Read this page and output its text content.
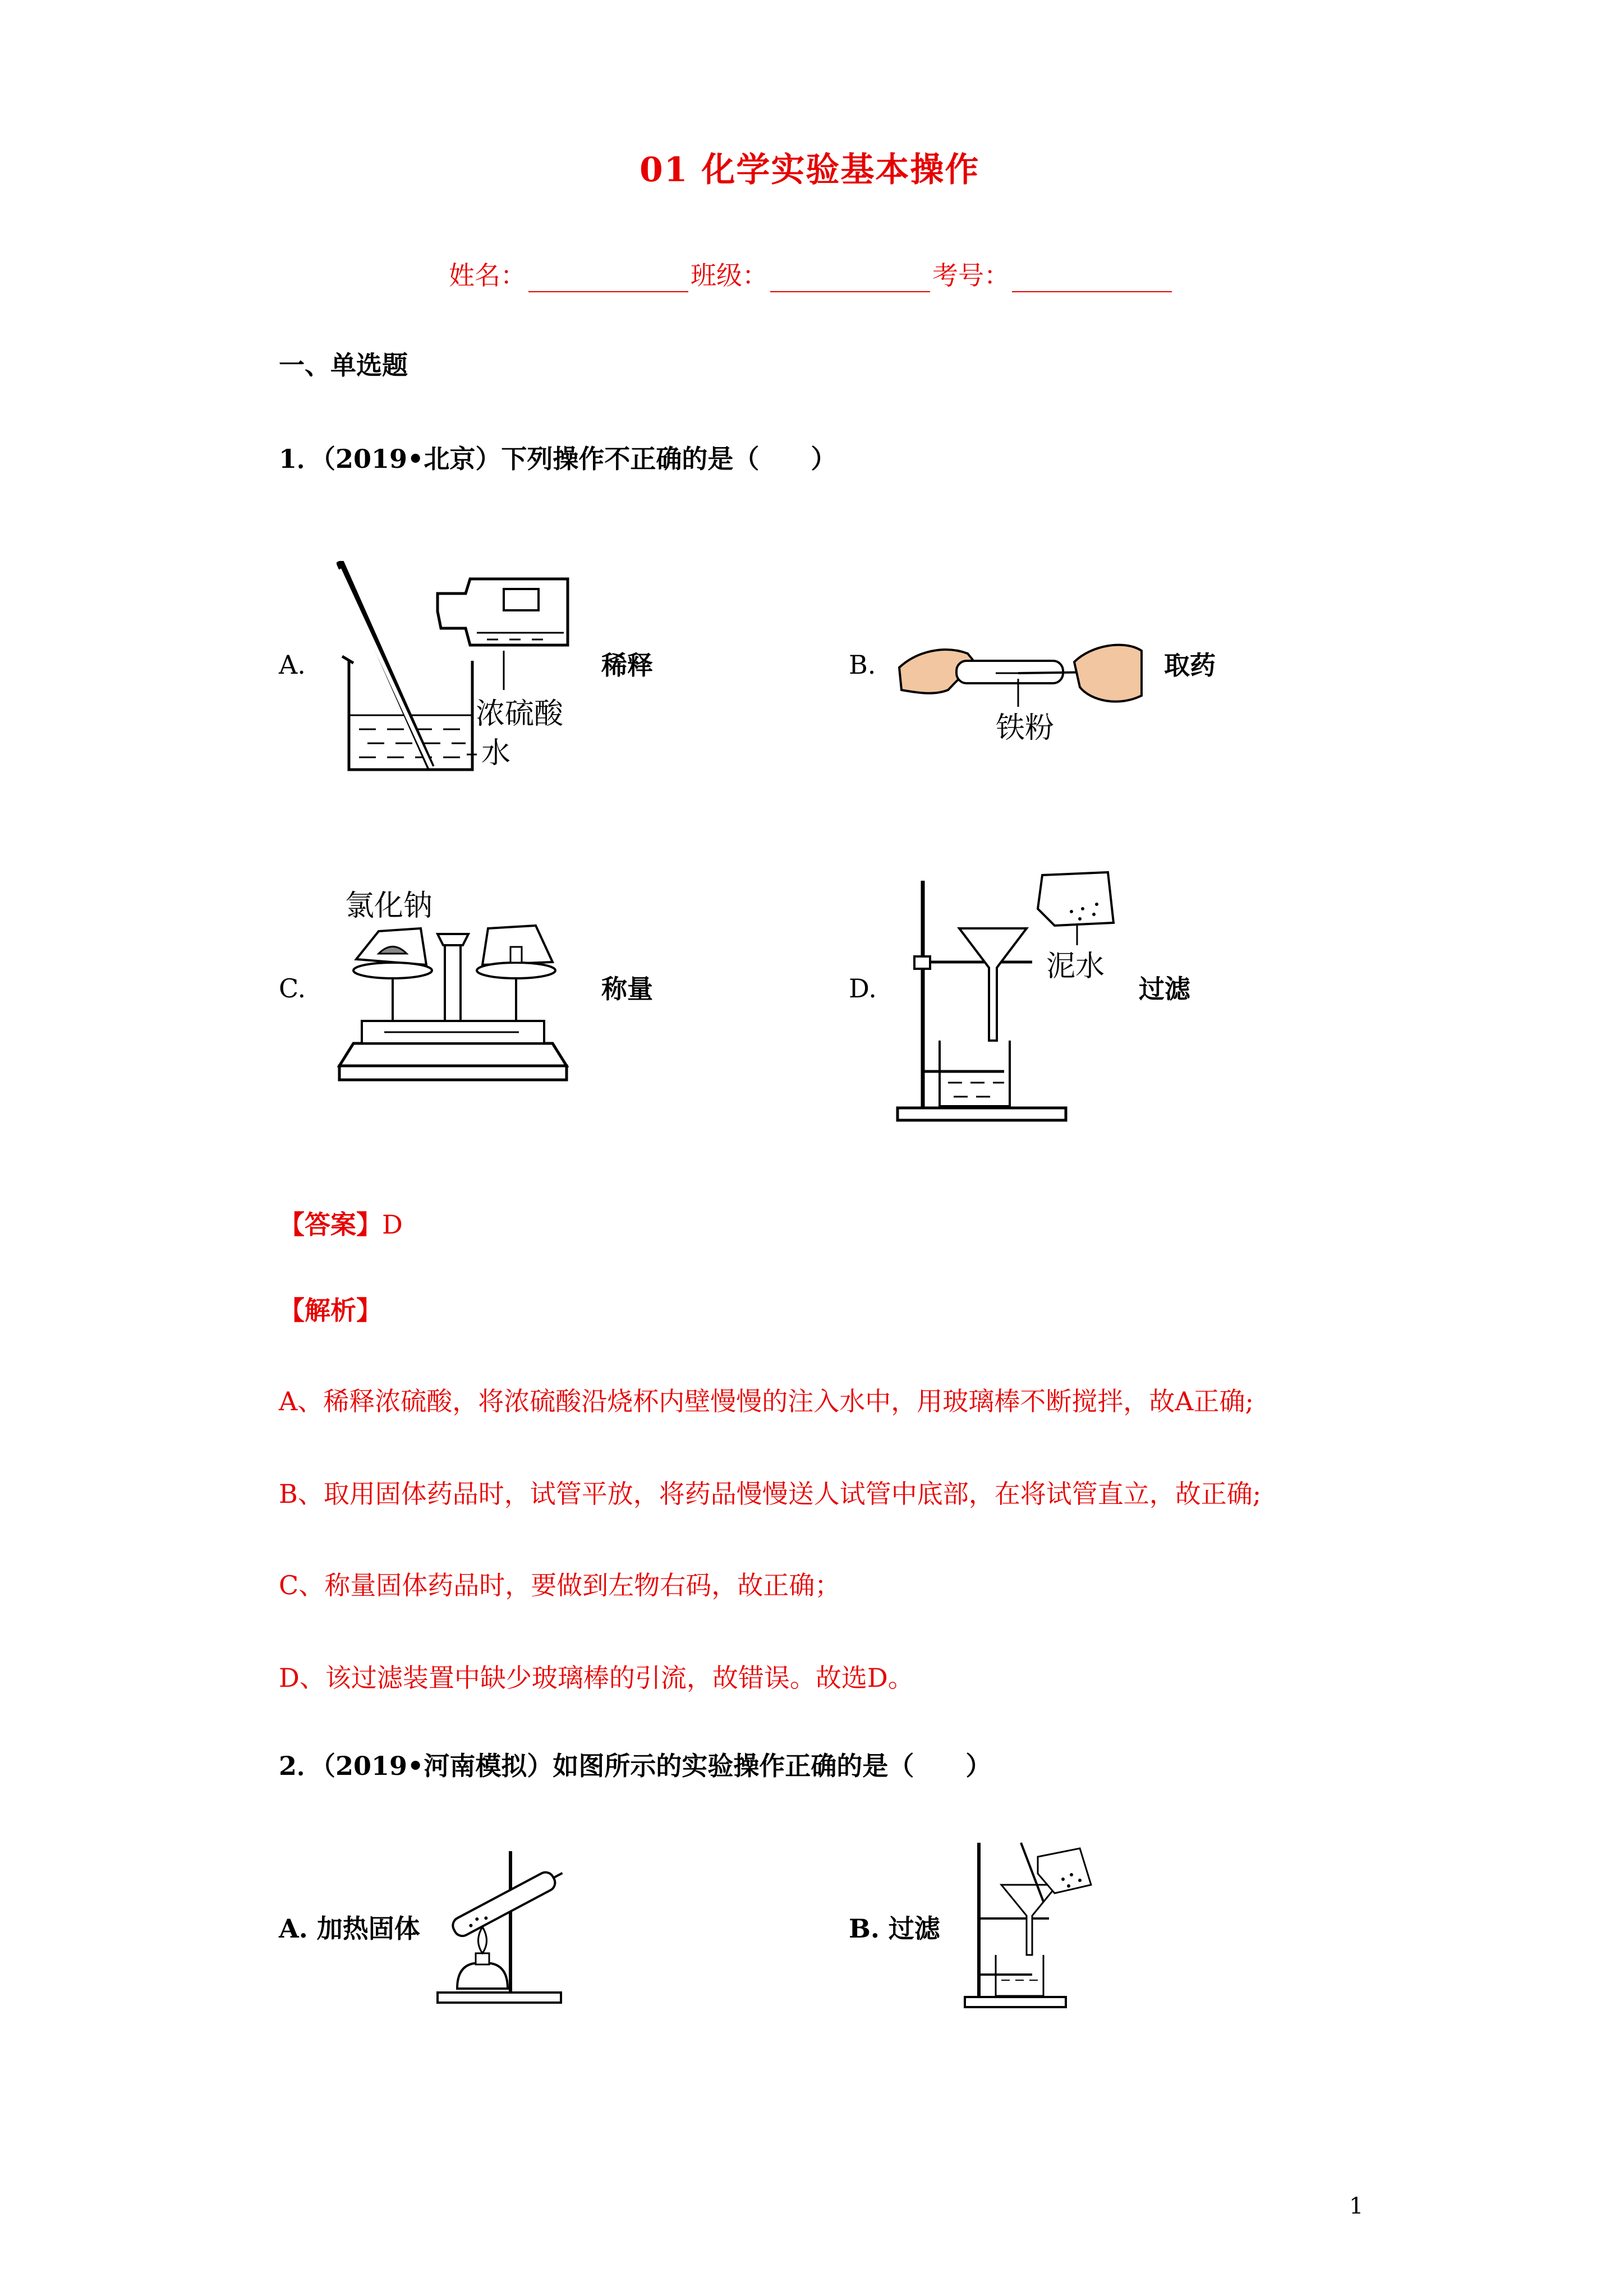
01 化学实验基本操作
姓名：	班级：	考号：
一、单选题
1．（2019•北京）下列操作不正确的是（　　）
A.
浓硫酸
水
稀释	B.
铁粉
取药
C.
氯化钠
称量	D.
泥水
过滤
【答案】D
【解析】
A、稀释浓硫酸，将浓硫酸沿烧杯内壁慢慢的注入水中，用玻璃棒不断搅拌，故A正确;
B、取用固体药品时，试管平放，将药品慢慢送人试管中底部，在将试管直立，故正确;
C、称量固体药品时，要做到左物右码，故正确；
D、该过滤装置中缺少玻璃棒的引流，故错误。故选D。
2．（2019•河南模拟）如图所示的实验操作正确的是（　　）
A. 加热固体	B. 过滤
1
